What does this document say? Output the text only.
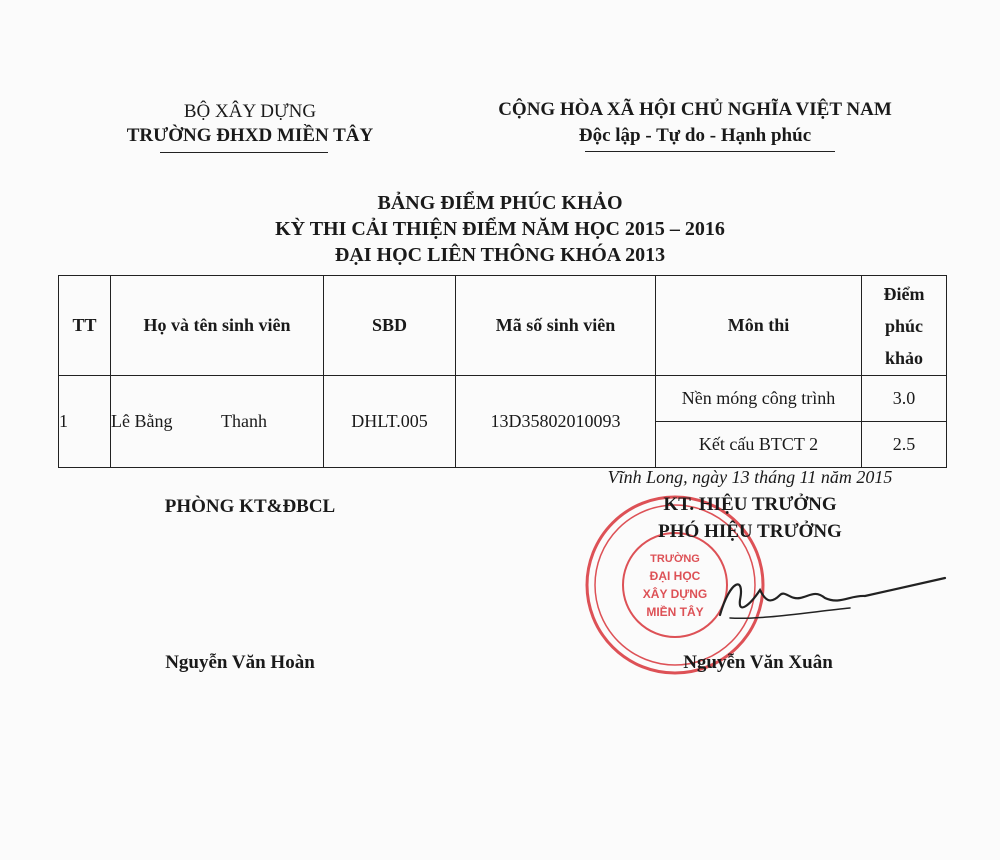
BỘ XÂY DỰNG
TRƯỜNG ĐHXD MIỀN TÂY
CỘNG HÒA XÃ HỘI CHỦ NGHĨA VIỆT NAM
Độc lập - Tự do - Hạnh phúc
BẢNG ĐIỂM PHÚC KHẢO
KỲ THI CẢI THIỆN ĐIỂM NĂM HỌC 2015 – 2016
ĐẠI HỌC LIÊN THÔNG KHÓA 2013
TT	Họ và tên sinh viên	SBD	Mã số sinh viên	Môn thi	Điểm
phúc
khảo

1	Lê Bằng Thanh	DHLT.005	13D35802010093	Nền móng công trình	3.0
				Kết cấu BTCT 2	2.5
Vĩnh Long, ngày 13 tháng 11 năm 2015
PHÒNG KT&ĐBCL
TRƯỜNG
ĐẠI HỌC
XÂY DỰNG
MIỀN TÂY
KT. HIỆU TRƯỞNG
PHÓ HIỆU TRƯỞNG
Nguyễn Văn Hoàn	Nguyễn Văn Xuân
